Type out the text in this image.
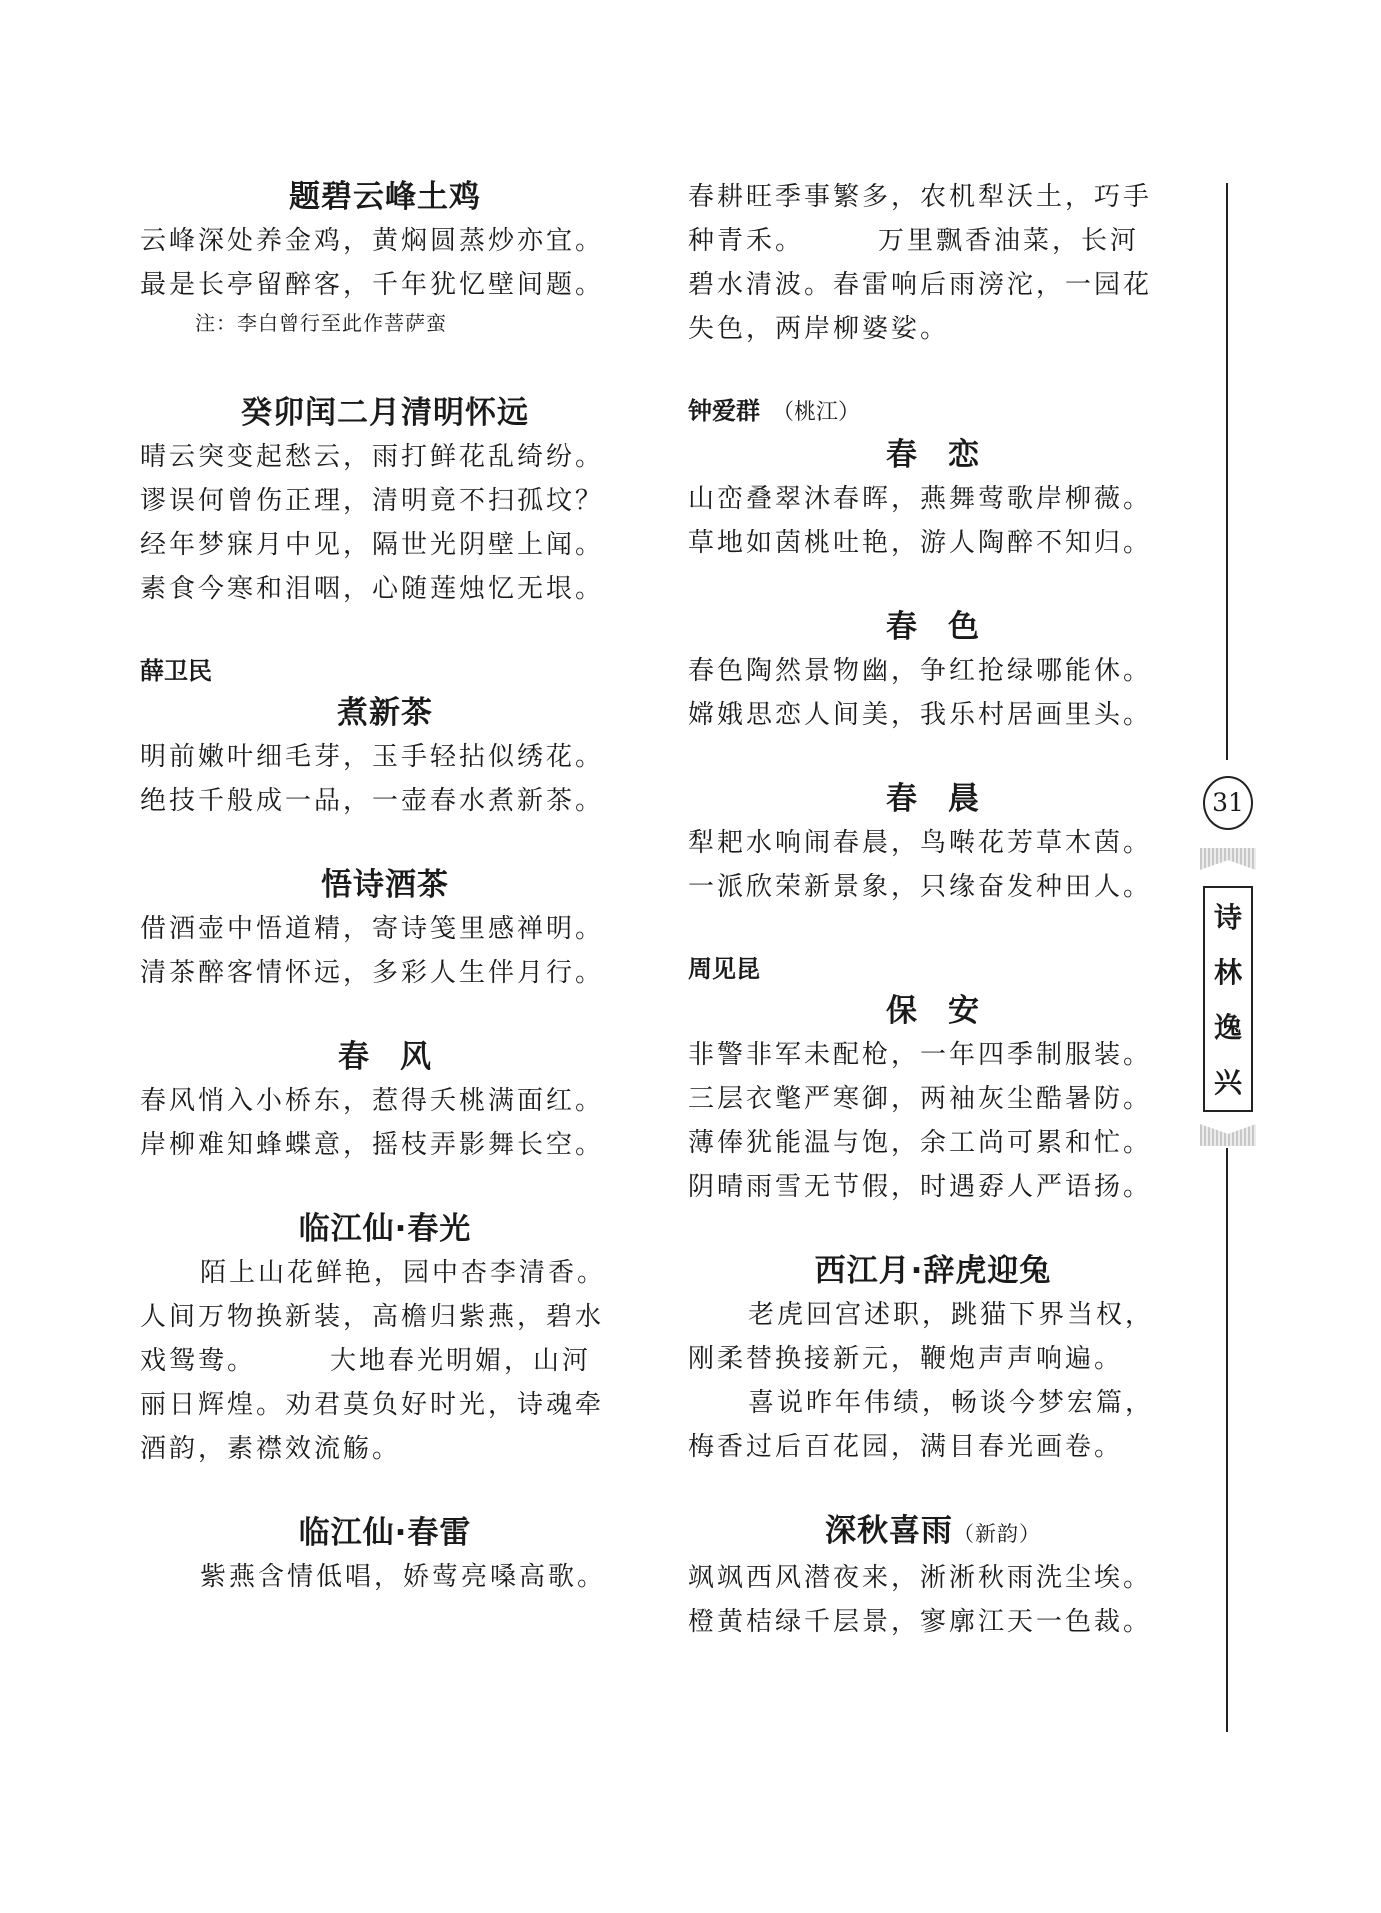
题碧云峰土鸡
云峰深处养金鸡，黄焖圆蒸炒亦宜。
最是长亭留醉客，千年犹忆壁间题。
注：李白曾行至此作菩萨蛮
癸卯闰二月清明怀远
晴云突变起愁云，雨打鲜花乱绮纷。
谬误何曾伤正理，清明竟不扫孤坟？
经年梦寐月中见，隔世光阴壁上闻。
素食今寒和泪咽，心随莲烛忆无垠。
薛卫民
煮新茶
明前嫩叶细毛芽，玉手轻拈似绣花。
绝技千般成一品，一壶春水煮新茶。
悟诗酒茶
借酒壶中悟道精，寄诗笺里感禅明。
清茶醉客情怀远，多彩人生伴月行。
春 风
春风悄入小桥东，惹得夭桃满面红。
岸柳难知蜂蝶意，摇枝弄影舞长空。
临江仙·春光
陌上山花鲜艳，园中杏李清香。
人间万物换新装，高檐归紫燕，碧水
戏鸳鸯。　　　大地春光明媚，山河
丽日辉煌。劝君莫负好时光，诗魂牵
酒韵，素襟效流觞。
临江仙·春雷
紫燕含情低唱，娇莺亮嗓高歌。
春耕旺季事繁多，农机犁沃土，巧手
种青禾。　　　万里飘香油菜，长河
碧水清波。春雷响后雨滂沱，一园花
失色，两岸柳婆娑。
钟爱群 （桃江）
春 恋
山峦叠翠沐春晖，燕舞莺歌岸柳薇。
草地如茵桃吐艳，游人陶醉不知归。
春 色
春色陶然景物幽，争红抢绿哪能休。
嫦娥思恋人间美，我乐村居画里头。
春 晨
犁耙水响闹春晨，鸟啭花芳草木茵。
一派欣荣新景象，只缘奋发种田人。
周见昆
保 安
非警非军未配枪，一年四季制服装。
三层衣氅严寒御，两袖灰尘酷暑防。
薄俸犹能温与饱，余工尚可累和忙。
阴晴雨雪无节假，时遇孬人严语扬。
西江月·辞虎迎兔
老虎回宫述职，跳猫下界当权，
刚柔替换接新元，鞭炮声声响遍。
喜说昨年伟绩，畅谈今梦宏篇，
梅香过后百花园，满目春光画卷。
深秋喜雨（新韵）
飒飒西风潜夜来，淅淅秋雨洗尘埃。
橙黄桔绿千层景，寥廓江天一色裁。
31
诗
林
逸
兴
